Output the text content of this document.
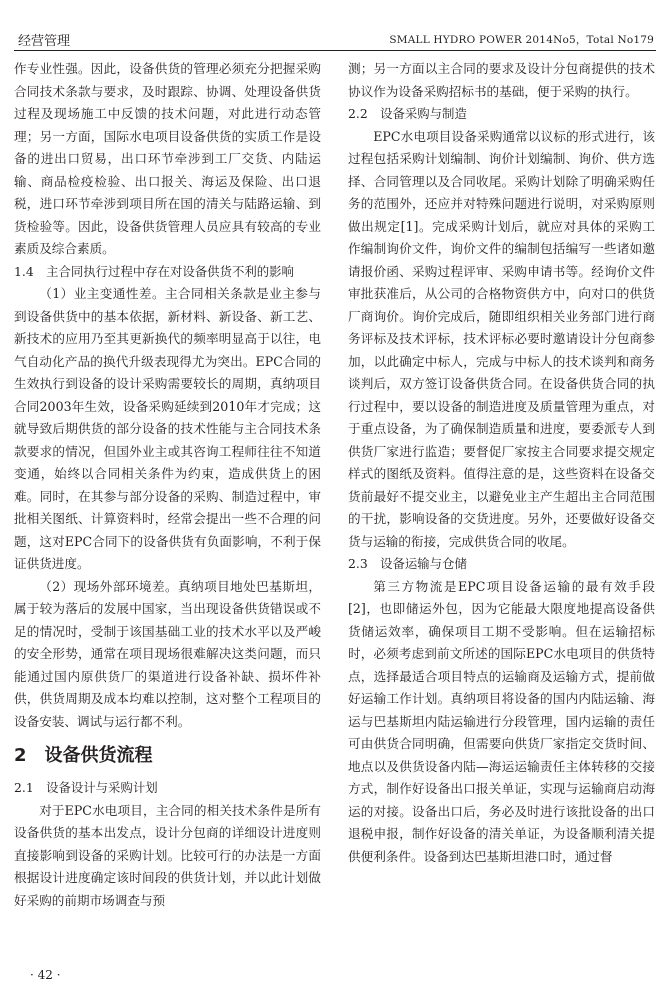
经营管理	SMALL HYDRO POWER 2014No5，Total No179

作专业性强。因此，设备供货的管理必须充分把握采购合同技术条款与要求，及时跟踪、协调、处理设备供货过程及现场施工中反馈的技术问题，对此进行动态管理；另一方面，国际水电项目设备供货的实质工作是设备的进出口贸易，出口环节牵涉到工厂交货、内陆运输、商品检疫检验、出口报关、海运及保险、出口退税，进口环节牵涉到项目所在国的清关与陆路运输、到货检验等。因此，设备供货管理人员应具有较高的专业素质及综合素质。

1.4　主合同执行过程中存在对设备供货不利的影响

（1）业主变通性差。主合同相关条款是业主参与到设备供货中的基本依据，新材料、新设备、新工艺、新技术的应用乃至其更新换代的频率明显高于以往，电气自动化产品的换代升级表现得尤为突出。EPC合同的生效执行到设备的设计采购需要较长的周期，真纳项目合同2003年生效，设备采购延续到2010年才完成；这就导致后期供货的部分设备的技术性能与主合同技术条款要求的情况，但国外业主或其咨询工程师往往不知道变通，始终以合同相关条件为约束，造成供货上的困难。同时，在其参与部分设备的采购、制造过程中，审批相关图纸、计算资料时，经常会提出一些不合理的问题，这对EPC合同下的设备供货有负面影响，不利于保证供货进度。

（2）现场外部环境差。真纳项目地处巴基斯坦，属于较为落后的发展中国家，当出现设备供货错误或不足的情况时，受制于该国基础工业的技术水平以及严峻的安全形势，通常在项目现场很难解决这类问题，而只能通过国内原供货厂的渠道进行设备补缺、损坏件补供，供货周期及成本均难以控制，这对整个工程项目的设备安装、调试与运行都不利。

2　设备供货流程
2.1　设备设计与采购计划

对于EPC水电项目，主合同的相关技术条件是所有设备供货的基本出发点，设计分包商的详细设计进度则直接影响到设备的采购计划。比较可行的办法是一方面根据设计进度确定该时间段的供货计划，并以此计划做好采购的前期市场调查与预

测；另一方面以主合同的要求及设计分包商提供的技术协议作为设备采购招标书的基础，便于采购的执行。

2.2　设备采购与制造

EPC水电项目设备采购通常以议标的形式进行，该过程包括采购计划编制、询价计划编制、询价、供方选择、合同管理以及合同收尾。采购计划除了明确采购任务的范围外，还应并对特殊问题进行说明，对采购原则做出规定[1]。完成采购计划后，就应对具体的采购工作编制询价文件，询价文件的编制包括编写一些诸如邀请报价函、采购过程评审、采购申请书等。经询价文件审批获准后，从公司的合格物资供方中，向对口的供货厂商询价。询价完成后，随即组织相关业务部门进行商务评标及技术评标，技术评标必要时邀请设计分包商参加，以此确定中标人，完成与中标人的技术谈判和商务谈判后，双方签订设备供货合同。在设备供货合同的执行过程中，要以设备的制造进度及质量管理为重点，对于重点设备，为了确保制造质量和进度，要委派专人到供货厂家进行监造；要督促厂家按主合同要求提交规定样式的图纸及资料。值得注意的是，这些资料在设备交货前最好不提交业主，以避免业主产生超出主合同范围的干扰，影响设备的交货进度。另外，还要做好设备交货与运输的衔接，完成供货合同的收尾。

2.3　设备运输与仓储

第三方物流是EPC项目设备运输的最有效手段[2]，也即储运外包，因为它能最大限度地提高设备供货储运效率，确保项目工期不受影响。但在运输招标时，必须考虑到前文所述的国际EPC水电项目的供货特点，选择最适合项目特点的运输商及运输方式，提前做好运输工作计划。真纳项目将设备的国内内陆运输、海运与巴基斯坦内陆运输进行分段管理，国内运输的责任可由供货合同明确，但需要向供货厂家指定交货时间、地点以及供货设备内陆—海运运输责任主体转移的交接方式，制作好设备出口报关单证，实现与运输商启动海运的对接。设备出口后，务必及时进行该批设备的出口退税申报，制作好设备的清关单证，为设备顺利清关提供便利条件。设备到达巴基斯坦港口时，通过督

· 42 ·
